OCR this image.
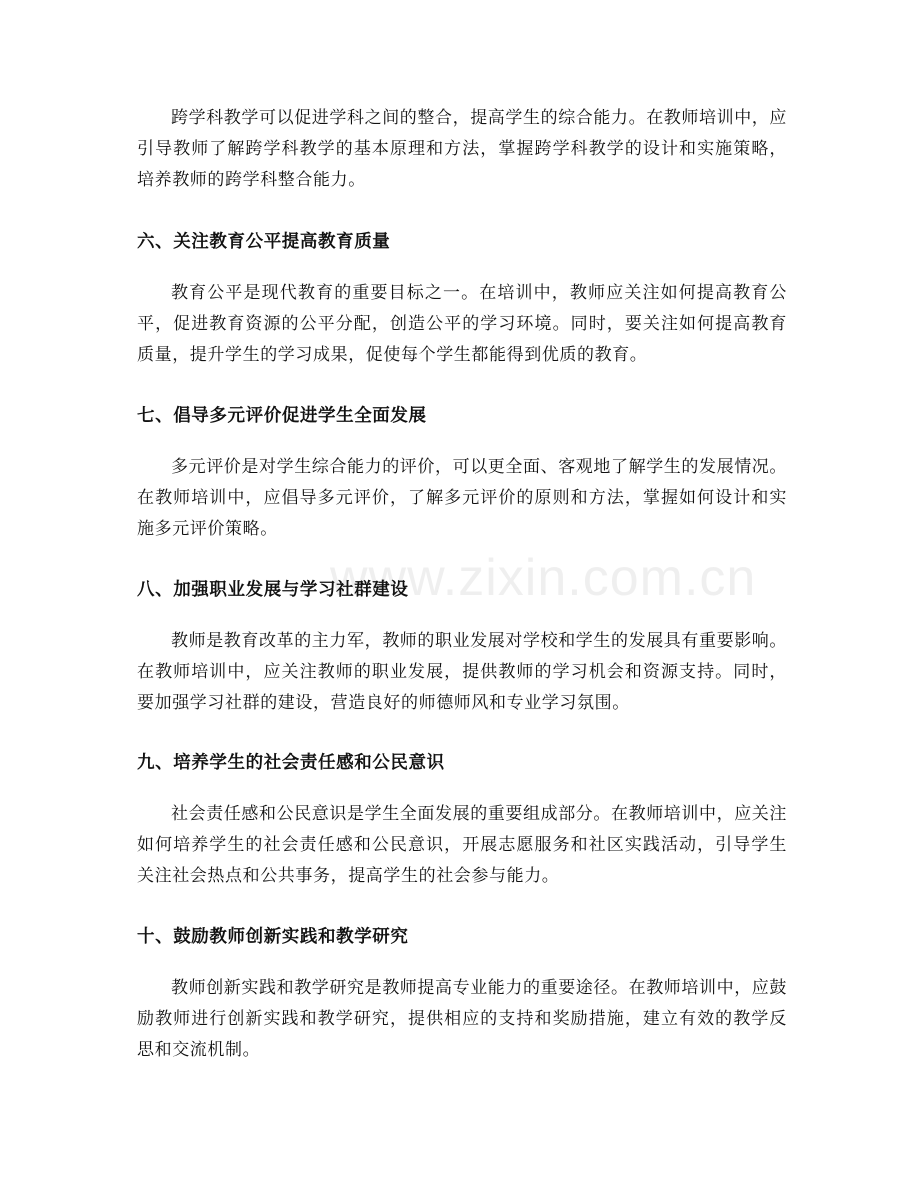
www.zixin.com.cn

跨学科教学可以促进学科之间的整合，提高学生的综合能力。在教师培训中，应引导教师了解跨学科教学的基本原理和方法，掌握跨学科教学的设计和实施策略，培养教师的跨学科整合能力。

六、关注教育公平提高教育质量

教育公平是现代教育的重要目标之一。在培训中，教师应关注如何提高教育公平，促进教育资源的公平分配，创造公平的学习环境。同时，要关注如何提高教育质量，提升学生的学习成果，促使每个学生都能得到优质的教育。

七、倡导多元评价促进学生全面发展

多元评价是对学生综合能力的评价，可以更全面、客观地了解学生的发展情况。在教师培训中，应倡导多元评价，了解多元评价的原则和方法，掌握如何设计和实施多元评价策略。

八、加强职业发展与学习社群建设

教师是教育改革的主力军，教师的职业发展对学校和学生的发展具有重要影响。在教师培训中，应关注教师的职业发展，提供教师的学习机会和资源支持。同时，要加强学习社群的建设，营造良好的师德师风和专业学习氛围。

九、培养学生的社会责任感和公民意识

社会责任感和公民意识是学生全面发展的重要组成部分。在教师培训中，应关注如何培养学生的社会责任感和公民意识，开展志愿服务和社区实践活动，引导学生关注社会热点和公共事务，提高学生的社会参与能力。

十、鼓励教师创新实践和教学研究

教师创新实践和教学研究是教师提高专业能力的重要途径。在教师培训中，应鼓励教师进行创新实践和教学研究，提供相应的支持和奖励措施，建立有效的教学反思和交流机制。
